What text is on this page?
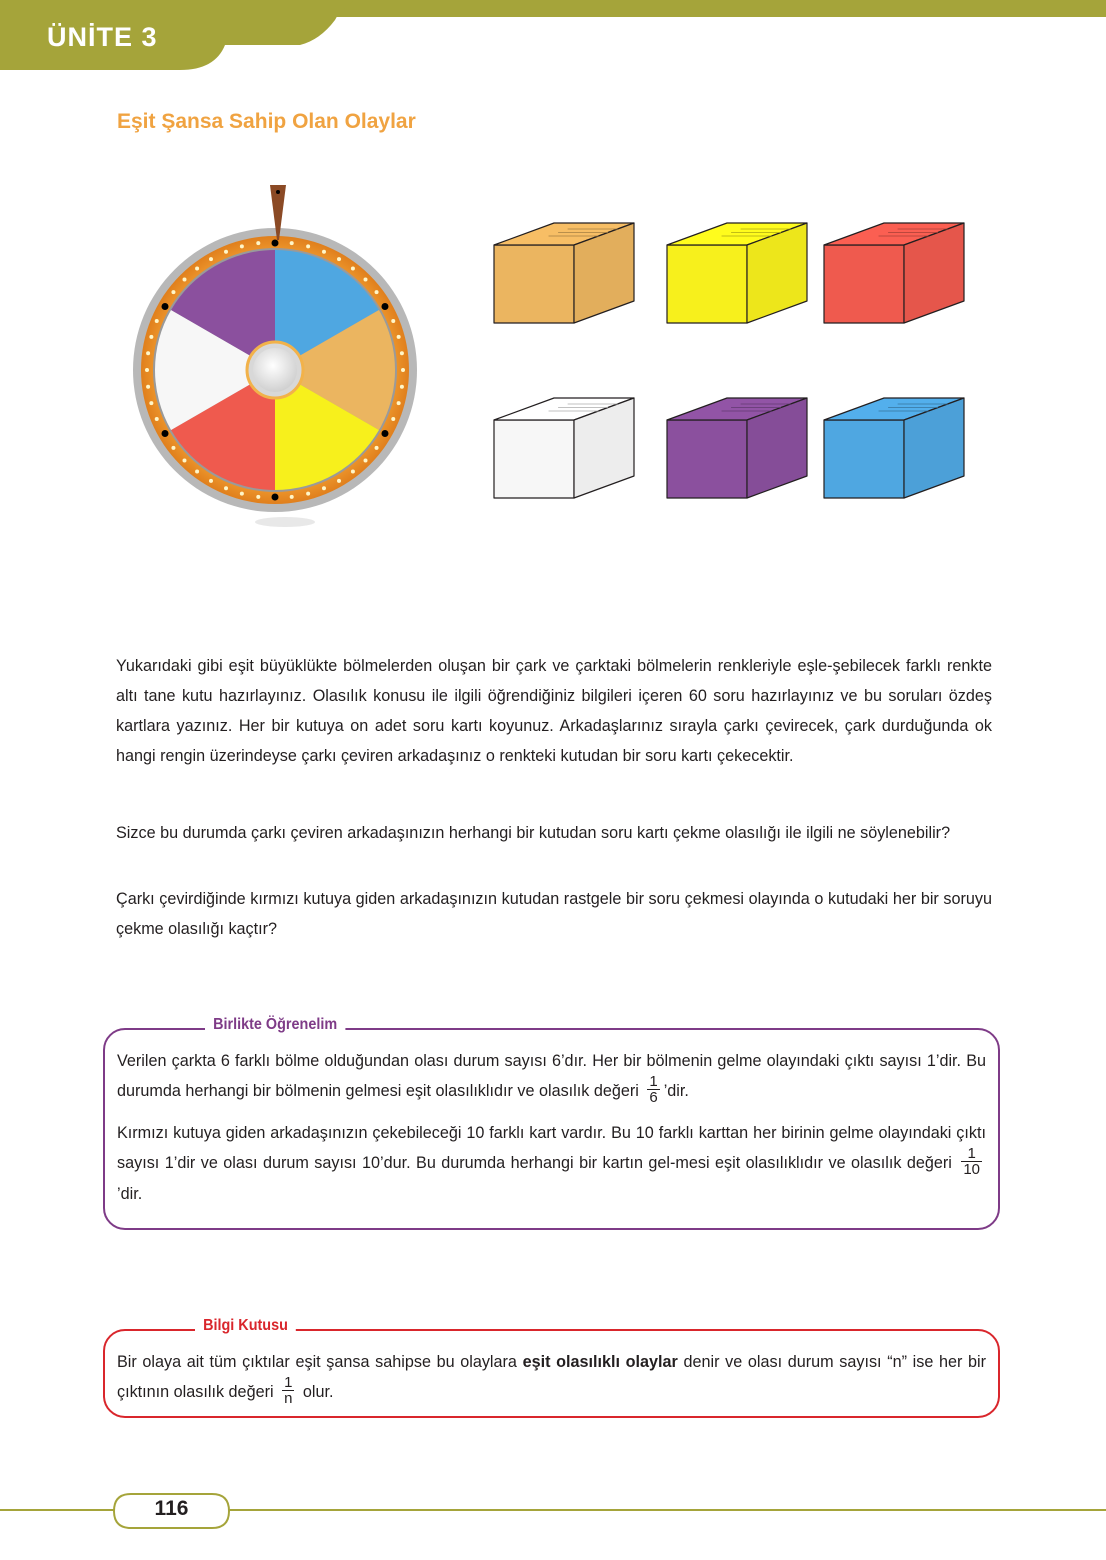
ÜNİTE 3
Eşit Şansa Sahip Olan Olaylar

Yukarıdaki gibi eşit büyüklükte bölmelerden oluşan bir çark ve çarktaki bölmelerin renkleriyle eşle-şebilecek farklı renkte altı tane kutu hazırlayınız. Olasılık konusu ile ilgili öğrendiğiniz bilgileri içeren 60 soru hazırlayınız ve bu soruları özdeş kartlara yazınız. Her bir kutuya on adet soru kartı koyunuz. Arkadaşlarınız sırayla çarkı çevirecek, çark durduğunda ok hangi rengin üzerindeyse çarkı çeviren arkadaşınız o renkteki kutudan bir soru kartı çekecektir.

Sizce bu durumda çarkı çeviren arkadaşınızın herhangi bir kutudan soru kartı çekme olasılığı ile ilgili ne söylenebilir?

Çarkı çevirdiğinde kırmızı kutuya giden arkadaşınızın kutudan rastgele bir soru çekmesi olayında o kutudaki her bir soruyu çekme olasılığı kaçtır?

Birlikte Öğrenelim
Verilen çarkta 6 farklı bölme olduğundan olası durum sayısı 6’dır. Her bir bölmenin gelme olayındaki çıktı sayısı 1’dir. Bu durumda herhangi bir bölmenin gelmesi eşit olasılıklıdır ve olasılık değeri $\frac{1}{6}$ ’dir.
Kırmızı kutuya giden arkadaşınızın çekebileceği 10 farklı kart vardır. Bu 10 farklı karttan her birinin gelme olayındaki çıktı sayısı 1’dir ve olası durum sayısı 10’dur. Bu durumda herhangi bir kartın gel-mesi eşit olasılıklıdır ve olasılık değeri $\frac{1}{10}$
’dir.
Bilgi Kutusu
Bir olaya ait tüm çıktılar eşit şansa sahipse bu olaylara eşit olasılıklı olaylar denir ve olası durum sayısı “n” ise her bir çıktının olasılık değeri $\frac{1}{n}$ olur.
116
